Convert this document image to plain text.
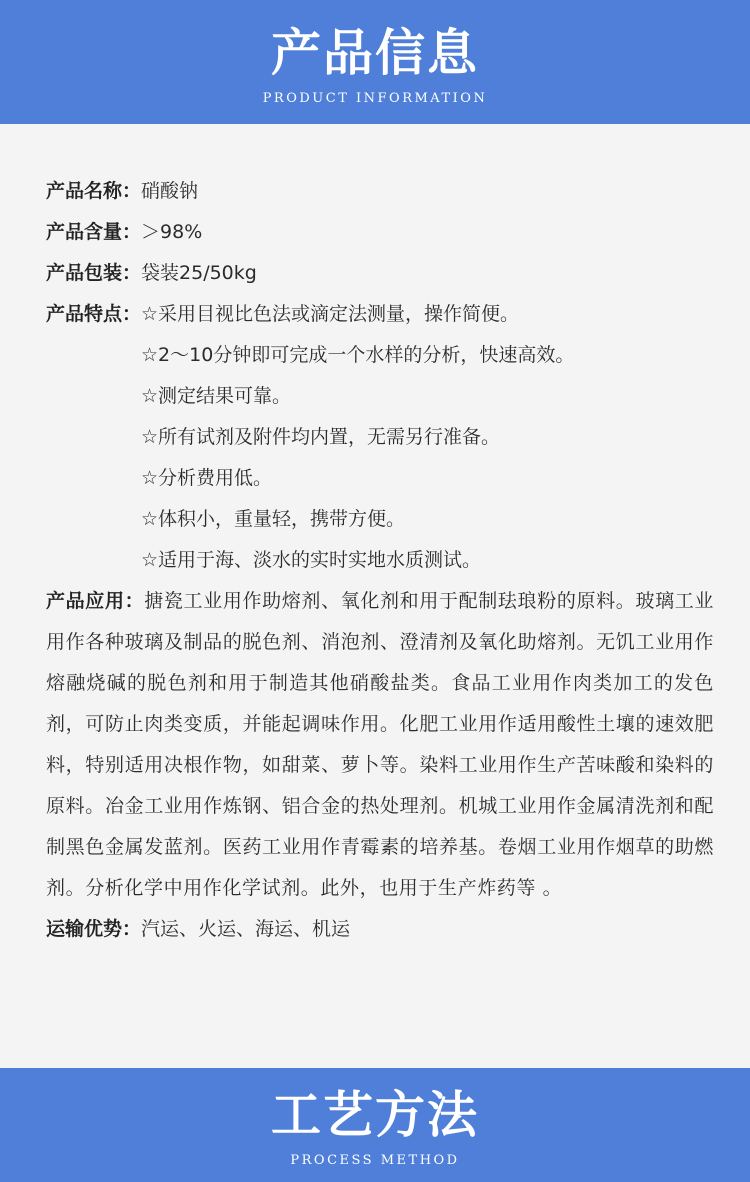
产品信息
PRODUCT INFORMATION
产品名称： 硝酸钠
产品含量： ＞98%
产品包装： 袋装25/50kg
产品特点： ☆采用目视比色法或滴定法测量，操作简便。
☆2～10分钟即可完成一个水样的分析，快速高效。
☆测定结果可靠。
☆所有试剂及附件均内置，无需另行准备。
☆分析费用低。
☆体积小，重量轻，携带方便。
☆适用于海、淡水的实时实地水质测试。
产品应用：搪瓷工业用作助熔剂、氧化剂和用于配制珐琅粉的原料。玻璃工业用作各种玻璃及制品的脱色剂、消泡剂、澄清剂及氧化助熔剂。无饥工业用作熔融烧碱的脱色剂和用于制造其他硝酸盐类。食品工业用作肉类加工的发色剂，可防止肉类变质，并能起调味作用。化肥工业用作适用酸性土壤的速效肥料，特别适用决根作物，如甜菜、萝卜等。染料工业用作生产苦味酸和染料的原料。冶金工业用作炼钢、铝合金的热处理剂。机城工业用作金属清洗剂和配制黑色金属发蓝剂。医药工业用作青霉素的培养基。卷烟工业用作烟草的助燃剂。分析化学中用作化学试剂。此外，也用于生产炸药等 。
运输优势： 汽运、火运、海运、机运
工艺方法
PROCESS METHOD
